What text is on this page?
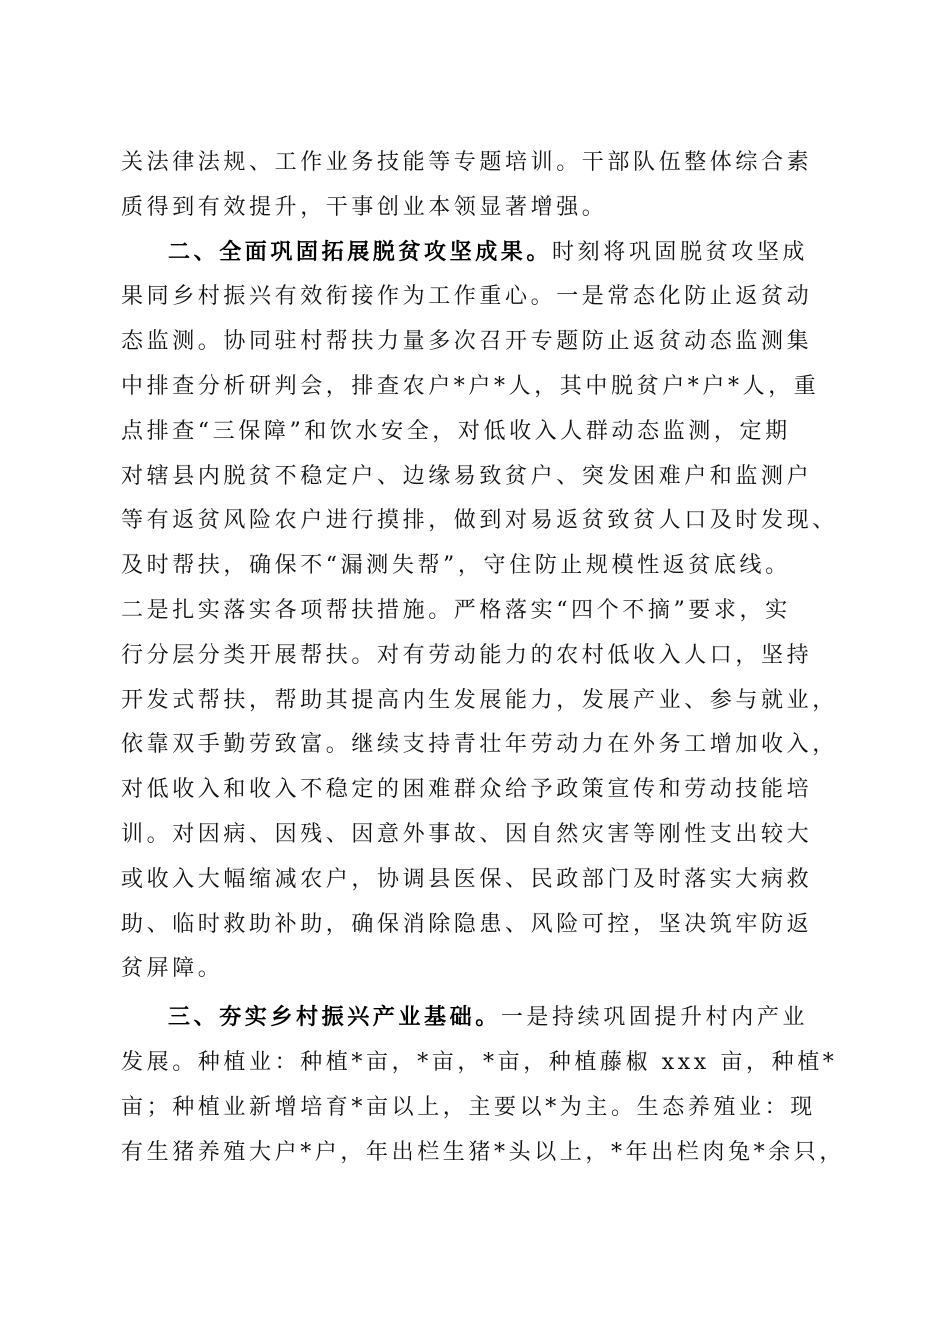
关法律法规、工作业务技能等专题培训。干部队伍整体综合素
质得到有效提升，干事创业本领显著增强。
二、全面巩固拓展脱贫攻坚成果。时刻将巩固脱贫攻坚成
果同乡村振兴有效衔接作为工作重心。一是常态化防止返贫动
态监测。协同驻村帮扶力量多次召开专题防止返贫动态监测集
中排查分析研判会，排查农户*户*人，其中脱贫户*户*人，重
点排查“三保障”和饮水安全，对低收入人群动态监测，定期
对辖县内脱贫不稳定户、边缘易致贫户、突发困难户和监测户
等有返贫风险农户进行摸排，做到对易返贫致贫人口及时发现、
及时帮扶，确保不“漏测失帮”，守住防止规模性返贫底线。
二是扎实落实各项帮扶措施。严格落实“四个不摘”要求，实
行分层分类开展帮扶。对有劳动能力的农村低收入人口，坚持
开发式帮扶，帮助其提高内生发展能力，发展产业、参与就业，
依靠双手勤劳致富。继续支持青壮年劳动力在外务工增加收入，
对低收入和收入不稳定的困难群众给予政策宣传和劳动技能培
训。对因病、因残、因意外事故、因自然灾害等刚性支出较大
或收入大幅缩减农户，协调县医保、民政部门及时落实大病救
助、临时救助补助，确保消除隐患、风险可控，坚决筑牢防返
贫屏障。
三、夯实乡村振兴产业基础。一是持续巩固提升村内产业
发展。种植业：种植*亩，*亩，*亩，种植藤椒 xxx 亩，种植*
亩；种植业新增培育*亩以上，主要以*为主。生态养殖业：现
有生猪养殖大户*户，年出栏生猪*头以上，*年出栏肉兔*余只，
